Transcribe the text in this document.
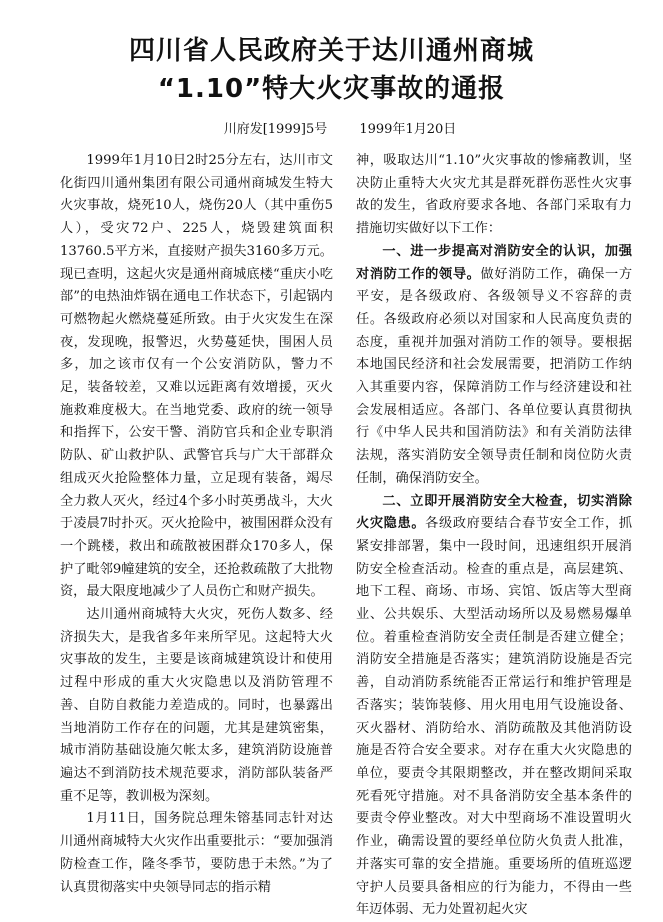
四川省人民政府关于达川通州商城
“1.10”特大火灾事故的通报
川府发[1999]5号 1999年1月20日

1999年1月10日2时25分左右，达川市文化街四川通州集团有限公司通州商城发生特大火灾事故，烧死10人，烧伤20人（其中重伤5人），受灾72户、225人，烧毁建筑面积13760.5平方米，直接财产损失3160多万元。现已查明，这起火灾是通州商城底楼“重庆小吃部”的电热油炸锅在通电工作状态下，引起锅内可燃物起火燃烧蔓延所致。由于火灾发生在深夜，发现晚，报警迟，火势蔓延快，围困人员多，加之该市仅有一个公安消防队，警力不足，装备较差，又难以远距离有效增援，灭火施救难度极大。在当地党委、政府的统一领导和指挥下，公安干警、消防官兵和企业专职消防队、矿山救护队、武警官兵与广大干部群众组成灭火抢险整体力量，立足现有装备，竭尽全力救人灭火，经过4个多小时英勇战斗，大火于凌晨7时扑灭。灭火抢险中，被围困群众没有一个跳楼，救出和疏散被困群众170多人，保护了毗邻9幢建筑的安全，还抢救疏散了大批物资，最大限度地减少了人员伤亡和财产损失。

达川通州商城特大火灾，死伤人数多、经济损失大，是我省多年来所罕见。这起特大火灾事故的发生，主要是该商城建筑设计和使用过程中形成的重大火灾隐患以及消防管理不善、自防自救能力差造成的。同时，也暴露出当地消防工作存在的问题，尤其是建筑密集，城市消防基础设施欠帐太多，建筑消防设施普遍达不到消防技术规范要求，消防部队装备严重不足等，教训极为深刻。

1月11日，国务院总理朱镕基同志针对达川通州商城特大火灾作出重要批示：“要加强消防检查工作，隆冬季节，要防患于未然。”为了认真贯彻落实中央领导同志的指示精

神，吸取达川“1.10”火灾事故的惨痛教训，坚决防止重特大火灾尤其是群死群伤恶性火灾事故的发生，省政府要求各地、各部门采取有力措施切实做好以下工作：

一、进一步提高对消防安全的认识，加强对消防工作的领导。做好消防工作，确保一方平安，是各级政府、各级领导义不容辞的责任。各级政府必须以对国家和人民高度负责的态度，重视并加强对消防工作的领导。要根据本地国民经济和社会发展需要，把消防工作纳入其重要内容，保障消防工作与经济建设和社会发展相适应。各部门、各单位要认真贯彻执行《中华人民共和国消防法》和有关消防法律法规，落实消防安全领导责任制和岗位防火责任制，确保消防安全。

二、立即开展消防安全大检查，切实消除火灾隐患。各级政府要结合春节安全工作，抓紧安排部署，集中一段时间，迅速组织开展消防安全检查活动。检查的重点是，高层建筑、地下工程、商场、市场、宾馆、饭店等大型商业、公共娱乐、大型活动场所以及易燃易爆单位。着重检查消防安全责任制是否建立健全；消防安全措施是否落实；建筑消防设施是否完善，自动消防系统能否正常运行和维护管理是否落实；装饰装修、用火用电用气设施设备、灭火器材、消防给水、消防疏散及其他消防设施是否符合安全要求。对存在重大火灾隐患的单位，要责令其限期整改，并在整改期间采取死看死守措施。对不具备消防安全基本条件的要责令停业整改。对大中型商场不准设置明火作业，确需设置的要经单位防火负责人批准，并落实可靠的安全措施。重要场所的值班巡逻守护人员要具备相应的行为能力，不得由一些年迈体弱、无力处置初起火灾
